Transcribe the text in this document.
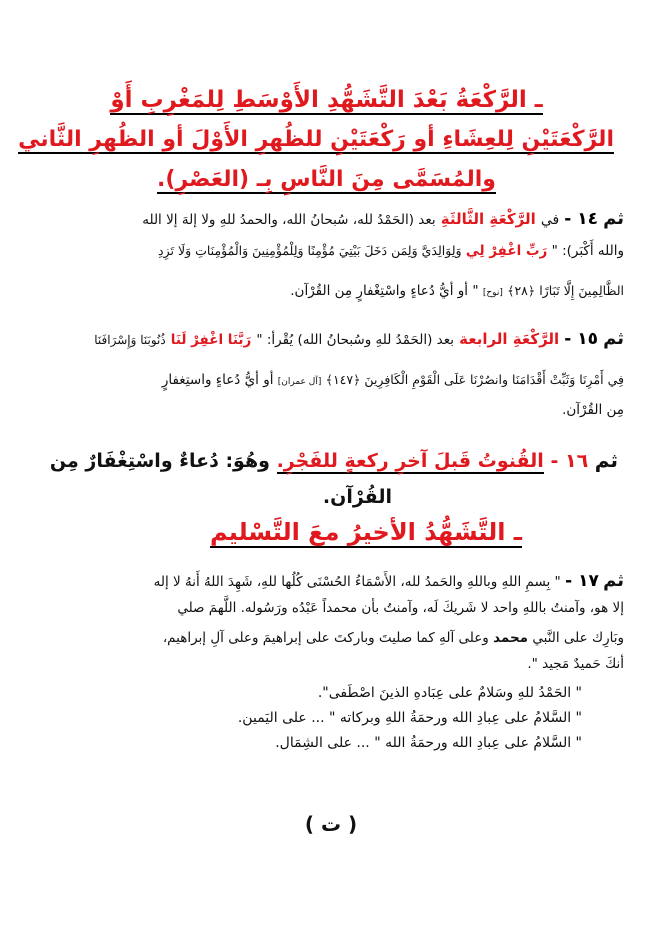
ـ الرَّكْعَةُ بَعْدَ التَّشَهُّدِ الأَوْسَطِ لِلمَغْرِبِ أَوْ
الرَّكْعَتَيْنِ لِلعِشَاءِ أو رَكْعَتَيْنِ للظُهرِ الأَوْلَ أو الظُهرِ الثَّاني
والمُسَمَّى مِنَ النَّاسِ بِـ (العَصْرِ).
ثم ١٤ - في الرَّكْعَةِ الثَّالثَةِ بعد (الحَمْدُ لله، سُبحانُ الله، والحمدُ للهِ ولا إلهَ إلا الله
والله أَكْبَر): " رَبِّ اغْفِرْ لِي وَلِوَالِدَيَّ وَلِمَن دَخَلَ بَيْتِيَ مُؤْمِنًا وَلِلْمُؤْمِنِينَ وَالْمُؤْمِنَاتِ وَلَا تَزِدِ
الظَّالِمِينَ إِلَّا تَبَارًا ﴿٢٨﴾ [نوح] " أو أيُّ دُعاءٍ واسْتِغْفارٍ مِن القُرْآن.
ثم ١٥ - الرَّكْعَةِ الرابعة بعد (الحَمْدُ للهِ وسُبحانُ الله) يُقْرأ: " رَبَّنَا اغْفِرْ لَنَا ذُنُوبَنَا وَإِسْرَافَنَا
فِي أَمْرِنَا وَثَبِّتْ أَقْدَامَنَا وانصُرْنَا عَلَى الْقَوْمِ الْكَافِرِينَ ﴿١٤٧﴾ [آل عمران] أو أيُّ دُعاءٍ واستِغفارٍ
مِن القُرْآن.
ثم ١٦ - القُنوتُ قَبلَ آخرِ ركعةٍ للفَجْرِ. وهُوَ: دُعاءٌ واسْتِغْفَارٌ مِن
القُرْآن.
ـ التَّشَهُّدُ الأخيرُ معَ التَّسْليم
ثم ١٧ - " بِسمِ اللهِ وباللهِ والحَمدُ لله، الأَسْمَاءُ الحُسْنَى كُلُها للهِ، شَهِدَ اللهُ أَنهُ لا إله
إلا هو، وآمنتُ باللهِ واحد لا شَريكَ لَه، وآمنتُ بأن محمداً عَبْدُه ورَسُوله. اللَّهمَ صلي
وبَارِك على النَّبي محمد وعلى آلهِ كما صليتَ وباركتَ على إبراهيمَ وعلى آلِ إبراهيم،
أنكَ حَميدٌ مَجيد ".
" الحَمْدُ للهِ وسَلامٌ على عِبَادهِ الذينَ اصْطَفى".
" السَّلامُ على عِبادِ الله ورحمَةُ اللهِ وبركاته " ... على اليَمين.
" السَّلامُ على عِبادِ الله ورحمَةُ الله " ... على الشِمَال.
( ت )
